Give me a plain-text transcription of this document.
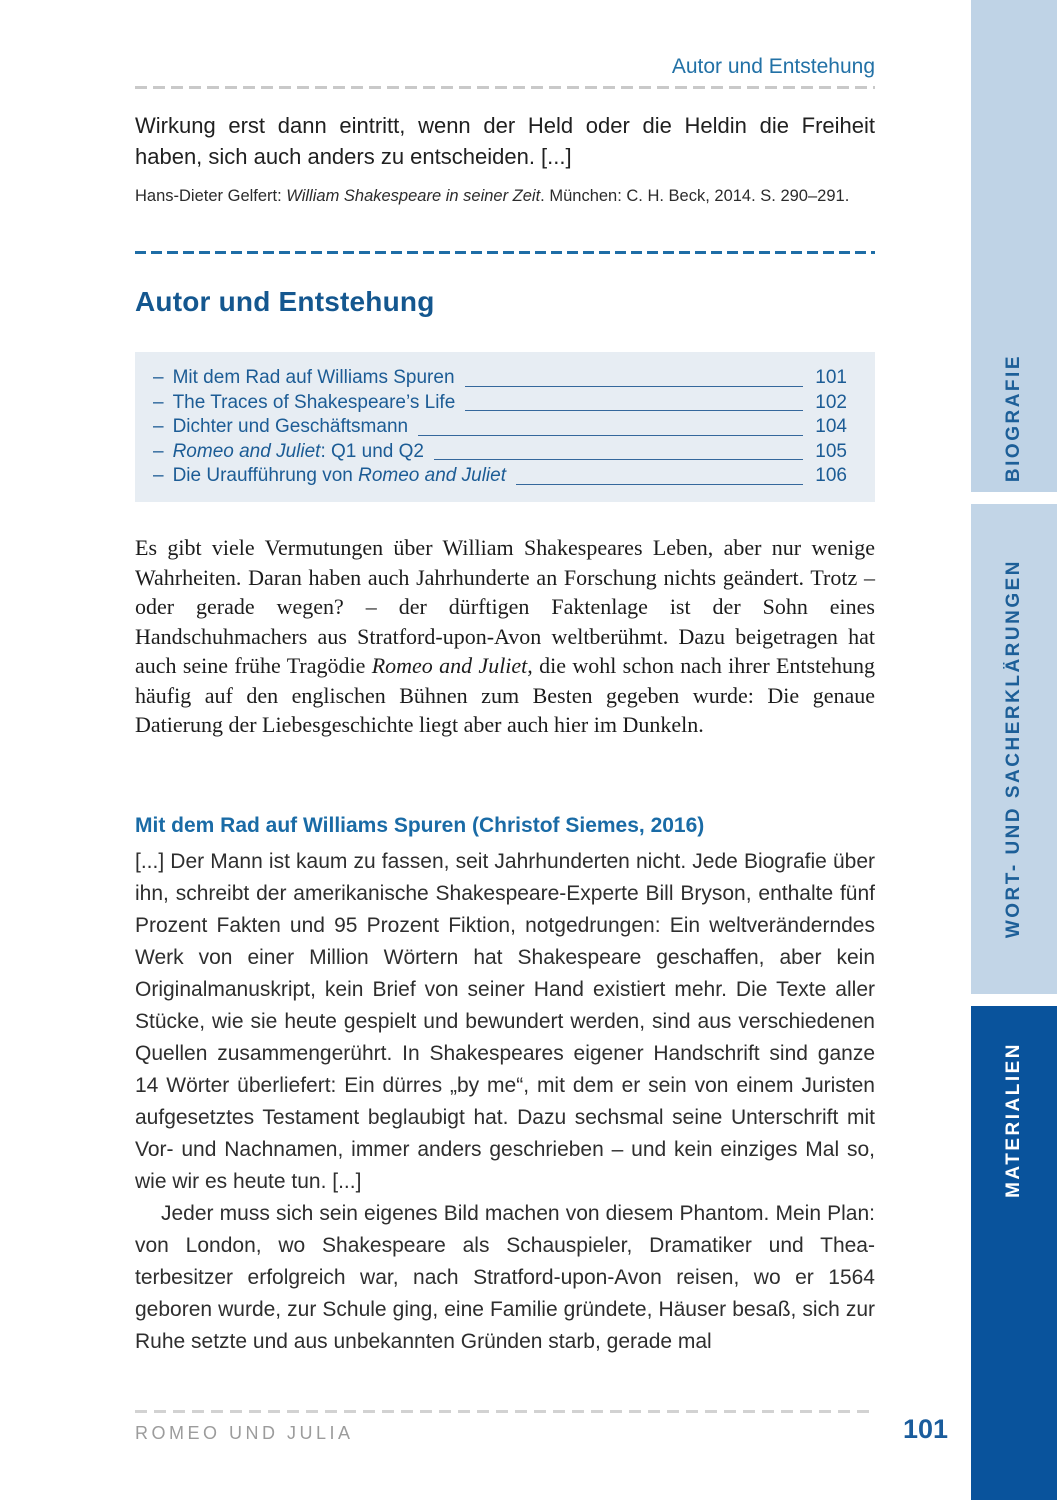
Autor und Entstehung

Wirkung erst dann eintritt, wenn der Held oder die Heldin die Freiheit haben, sich auch anders zu entscheiden. [...]

Hans-Dieter Gelfert: William Shakespeare in seiner Zeit. München: C. H. Beck, 2014. S. 290–291.

Autor und Entstehung
– Mit dem Rad auf Williams Spuren	101
– The Traces of Shakespeare’s Life	102
– Dichter und Geschäftsmann	104
– Romeo and Juliet: Q1 und Q2	105
– Die Uraufführung von Romeo and Juliet	106

Es gibt viele Vermutungen über William Shakespeares Leben, aber nur wenige Wahrheiten. Daran haben auch Jahrhunderte an Forschung nichts geändert. Trotz – oder gerade wegen? – der dürftigen Faktenlage ist der Sohn eines Handschuhmachers aus Stratford-upon-Avon weltberühmt. Dazu beigetragen hat auch seine frühe Tragödie Romeo and Juliet, die wohl schon nach ihrer Entstehung häufig auf den englischen Bühnen zum Besten gegeben wurde: Die genaue Datierung der Liebesgeschichte liegt aber auch hier im Dunkeln.

Mit dem Rad auf Williams Spuren (Christof Siemes, 2016)

[...] Der Mann ist kaum zu fassen, seit Jahrhunderten nicht. Jede Biografie über ihn, schreibt der amerikanische Shakespeare-Experte Bill Bryson, enthalte fünf Prozent Fakten und 95 Prozent Fiktion, notgedrungen: Ein weltveränderndes Werk von einer Million Wörtern hat Shakespeare geschaffen, aber kein Originalmanuskript, kein Brief von seiner Hand existiert mehr. Die Texte aller Stücke, wie sie heute gespielt und bewundert werden, sind aus verschiedenen Quellen zusammengerührt. In Shakespeares eigener Handschrift sind ganze 14 Wörter überliefert: Ein dürres „by me“, mit dem er sein von einem Juristen aufgesetztes Testament beglaubigt hat. Dazu sechsmal seine Unterschrift mit Vor- und Nachnamen, immer anders geschrieben – und kein einziges Mal so, wie wir es heute tun. [...]

Jeder muss sich sein eigenes Bild machen von diesem Phantom. Mein Plan: von London, wo Shakespeare als Schauspieler, Dramatiker und Theaterbesitzer erfolgreich war, nach Stratford-upon-Avon reisen, wo er 1564 geboren wurde, zur Schule ging, eine Familie gründete, Häuser besaß, sich zur Ruhe setzte und aus unbekannten Gründen starb, gerade mal

ROMEO UND JULIA	101
BIOGRAFIE
WORT- UND SACHERKLÄRUNGEN
MATERIALIEN
